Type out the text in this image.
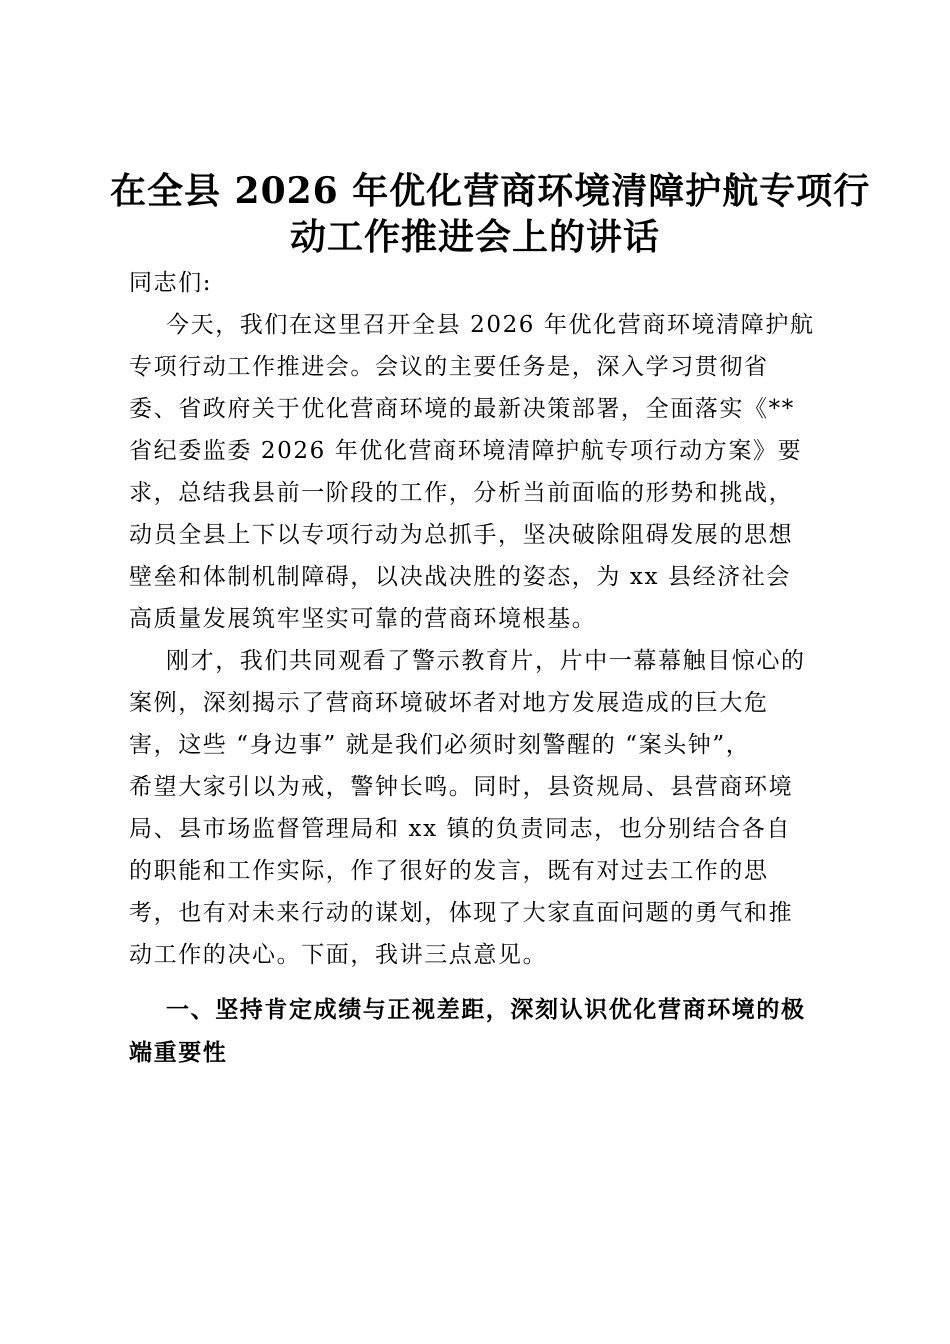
在全县 2026 年优化营商环境清障护航专项行
动工作推进会上的讲话
同志们:
今天，我们在这里召开全县 2026 年优化营商环境清障护航
专项行动工作推进会。会议的主要任务是，深入学习贯彻省
委、省政府关于优化营商环境的最新决策部署，全面落实《**
省纪委监委 2026 年优化营商环境清障护航专项行动方案》要
求，总结我县前一阶段的工作，分析当前面临的形势和挑战，
动员全县上下以专项行动为总抓手，坚决破除阻碍发展的思想
壁垒和体制机制障碍，以决战决胜的姿态，为 xx 县经济社会
高质量发展筑牢坚实可靠的营商环境根基。
刚才，我们共同观看了警示教育片，片中一幕幕触目惊心的
案例，深刻揭示了营商环境破坏者对地方发展造成的巨大危
害，这些 “身边事” 就是我们必须时刻警醒的 “案头钟”，
希望大家引以为戒，警钟长鸣。同时，县资规局、县营商环境
局、县市场监督管理局和 xx 镇的负责同志，也分别结合各自
的职能和工作实际，作了很好的发言，既有对过去工作的思
考，也有对未来行动的谋划，体现了大家直面问题的勇气和推
动工作的决心。下面，我讲三点意见。
一、坚持肯定成绩与正视差距，深刻认识优化营商环境的极
端重要性
